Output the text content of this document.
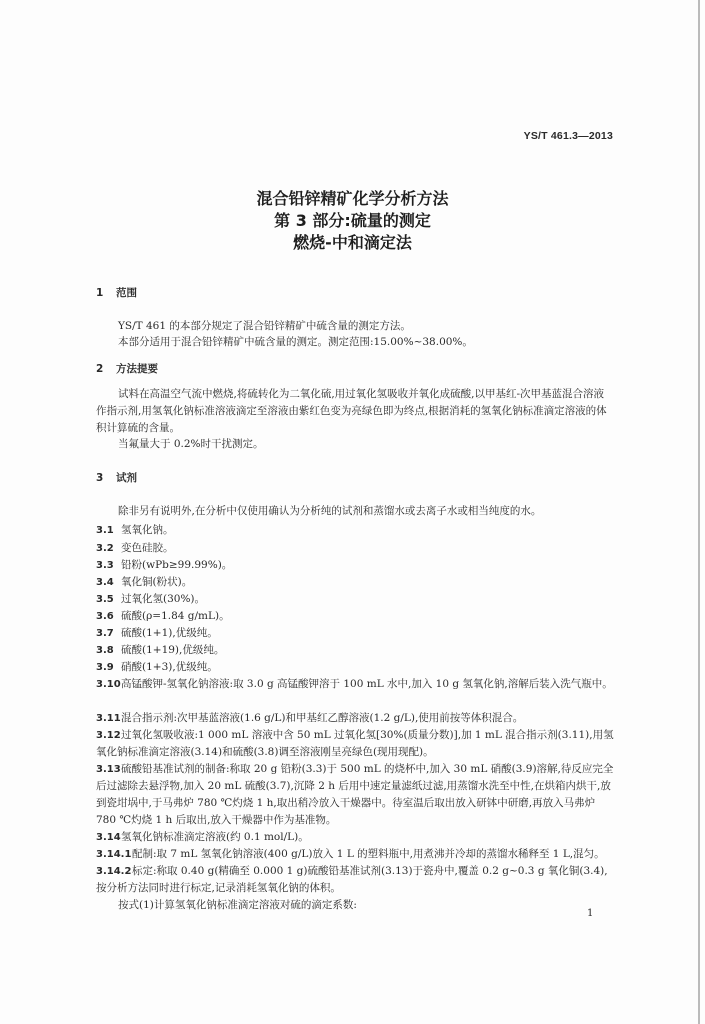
YS/T 461.3—2013
混合铅锌精矿化学分析方法
第 3 部分:硫量的测定
燃烧-中和滴定法
1 范围
YS/T 461 的本部分规定了混合铅锌精矿中硫含量的测定方法。
本部分适用于混合铅锌精矿中硫含量的测定。测定范围:15.00%~38.00%。
2 方法提要
试料在高温空气流中燃烧,将硫转化为二氧化硫,用过氧化氢吸收并氧化成硫酸,以甲基红-次甲基蓝混合溶液作指示剂,用氢氧化钠标准溶液滴定至溶液由紫红色变为亮绿色即为终点,根据消耗的氢氧化钠标准滴定溶液的体积计算硫的含量。
当氟量大于 0.2%时干扰测定。
3 试剂
除非另有说明外,在分析中仅使用确认为分析纯的试剂和蒸馏水或去离子水或相当纯度的水。
3.1 氢氧化钠。
3.2 变色硅胶。
3.3 铅粉(wPb≥99.99%)。
3.4 氧化铜(粉状)。
3.5 过氧化氢(30%)。
3.6 硫酸(ρ=1.84 g/mL)。
3.7 硫酸(1+1),优级纯。
3.8 硫酸(1+19),优级纯。
3.9 硝酸(1+3),优级纯。
3.10高锰酸钾-氢氧化钠溶液:取 3.0 g 高锰酸钾溶于 100 mL 水中,加入 10 g 氢氧化钠,溶解后装入洗气瓶中。
3.11混合指示剂:次甲基蓝溶液(1.6 g/L)和甲基红乙醇溶液(1.2 g/L),使用前按等体积混合。
3.12过氧化氢吸收液:1 000 mL 溶液中含 50 mL 过氧化氢[30%(质量分数)],加 1 mL 混合指示剂(3.11),用氢氧化钠标准滴定溶液(3.14)和硫酸(3.8)调至溶液刚呈亮绿色(现用现配)。
3.13硫酸铅基准试剂的制备:称取 20 g 铅粉(3.3)于 500 mL 的烧杯中,加入 30 mL 硝酸(3.9)溶解,待反应完全后过滤除去悬浮物,加入 20 mL 硫酸(3.7),沉降 2 h 后用中速定量滤纸过滤,用蒸馏水洗至中性,在烘箱内烘干,放到瓷坩埚中,于马弗炉 780 ℃灼烧 1 h,取出稍冷放入干燥器中。待室温后取出放入研钵中研磨,再放入马弗炉 780 ℃灼烧 1 h 后取出,放入干燥器中作为基准物。
3.14氢氧化钠标准滴定溶液(约 0.1 mol/L)。
3.14.1配制:取 7 mL 氢氧化钠溶液(400 g/L)放入 1 L 的塑料瓶中,用煮沸并冷却的蒸馏水稀释至 1 L,混匀。
3.14.2标定:称取 0.40 g(精确至 0.000 1 g)硫酸铅基准试剂(3.13)于瓷舟中,覆盖 0.2 g~0.3 g 氧化铜(3.4),按分析方法同时进行标定,记录消耗氢氧化钠的体积。
按式(1)计算氢氧化钠标准滴定溶液对硫的滴定系数:
1
